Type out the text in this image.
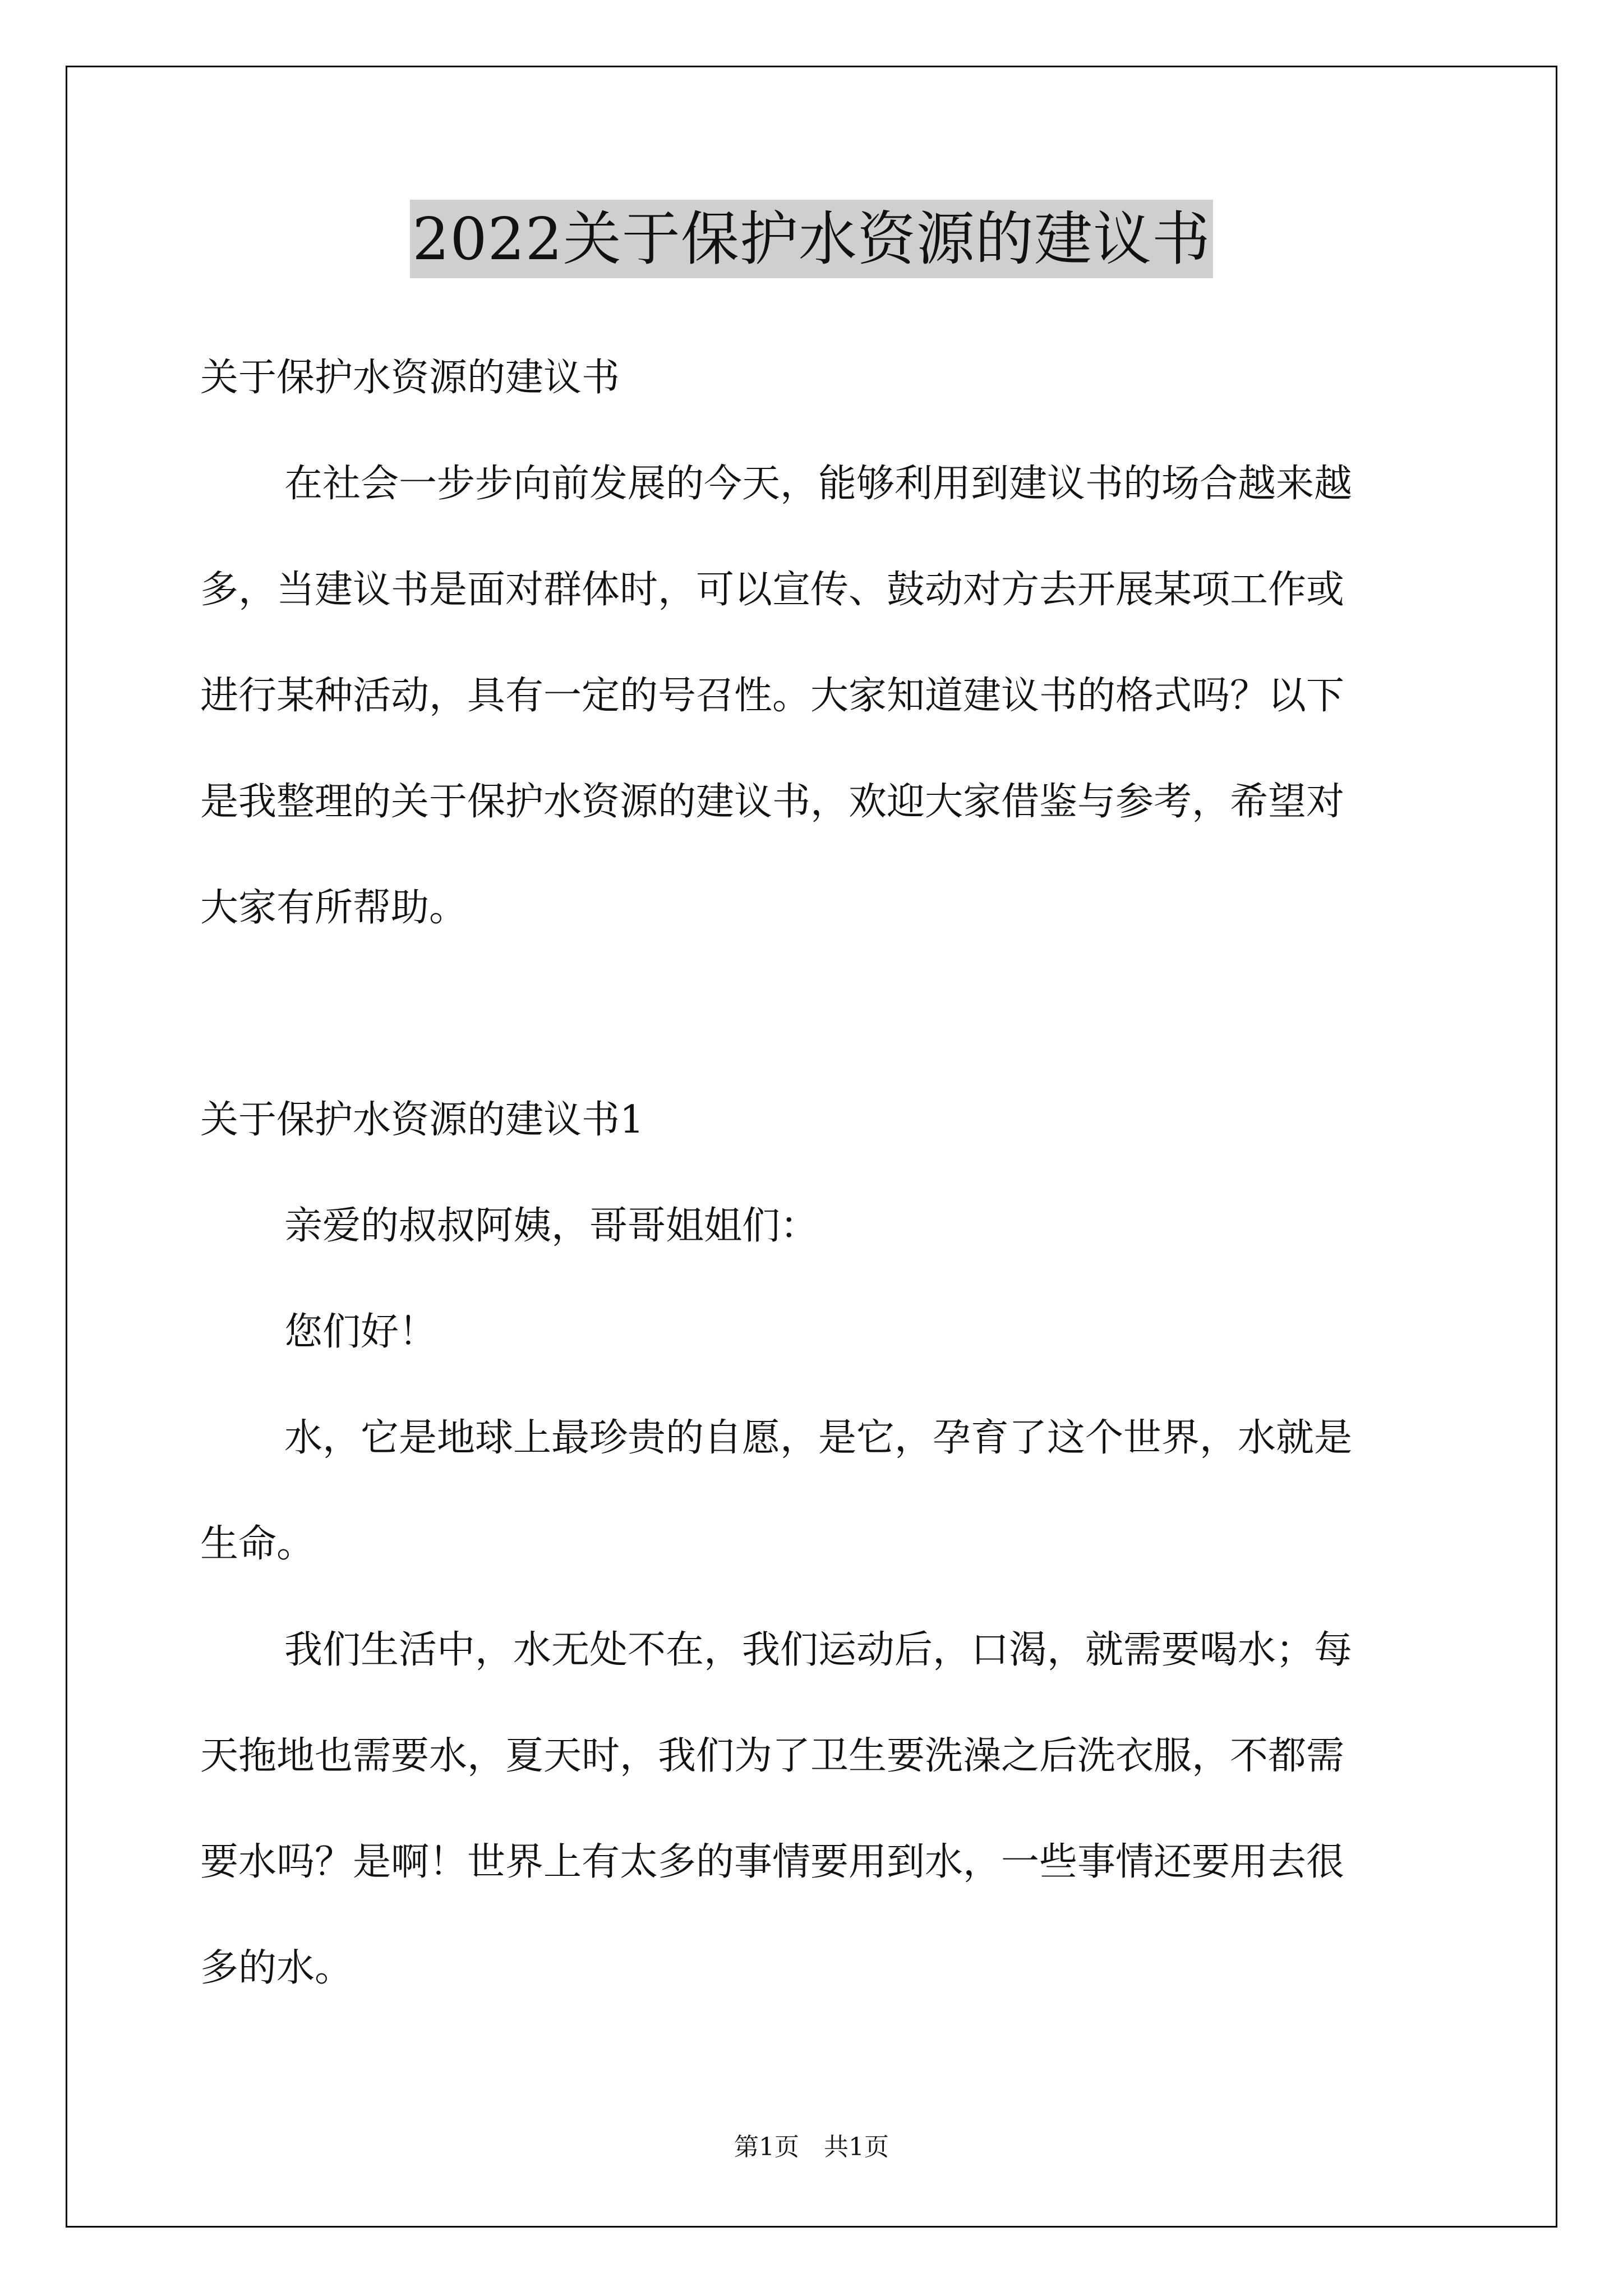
2022关于保护水资源的建议书
关于保护水资源的建议书
在社会一步步向前发展的今天，能够利用到建议书的场合越来越
多，当建议书是面对群体时，可以宣传、鼓动对方去开展某项工作或
进行某种活动，具有一定的号召性。大家知道建议书的格式吗？以下
是我整理的关于保护水资源的建议书，欢迎大家借鉴与参考，希望对
大家有所帮助。
关于保护水资源的建议书1
亲爱的叔叔阿姨，哥哥姐姐们：
您们好！
水，它是地球上最珍贵的自愿，是它，孕育了这个世界，水就是
生命。
我们生活中，水无处不在，我们运动后，口渴，就需要喝水；每
天拖地也需要水，夏天时，我们为了卫生要洗澡之后洗衣服，不都需
要水吗？是啊！世界上有太多的事情要用到水，一些事情还要用去很
多的水。
第1页　共1页
